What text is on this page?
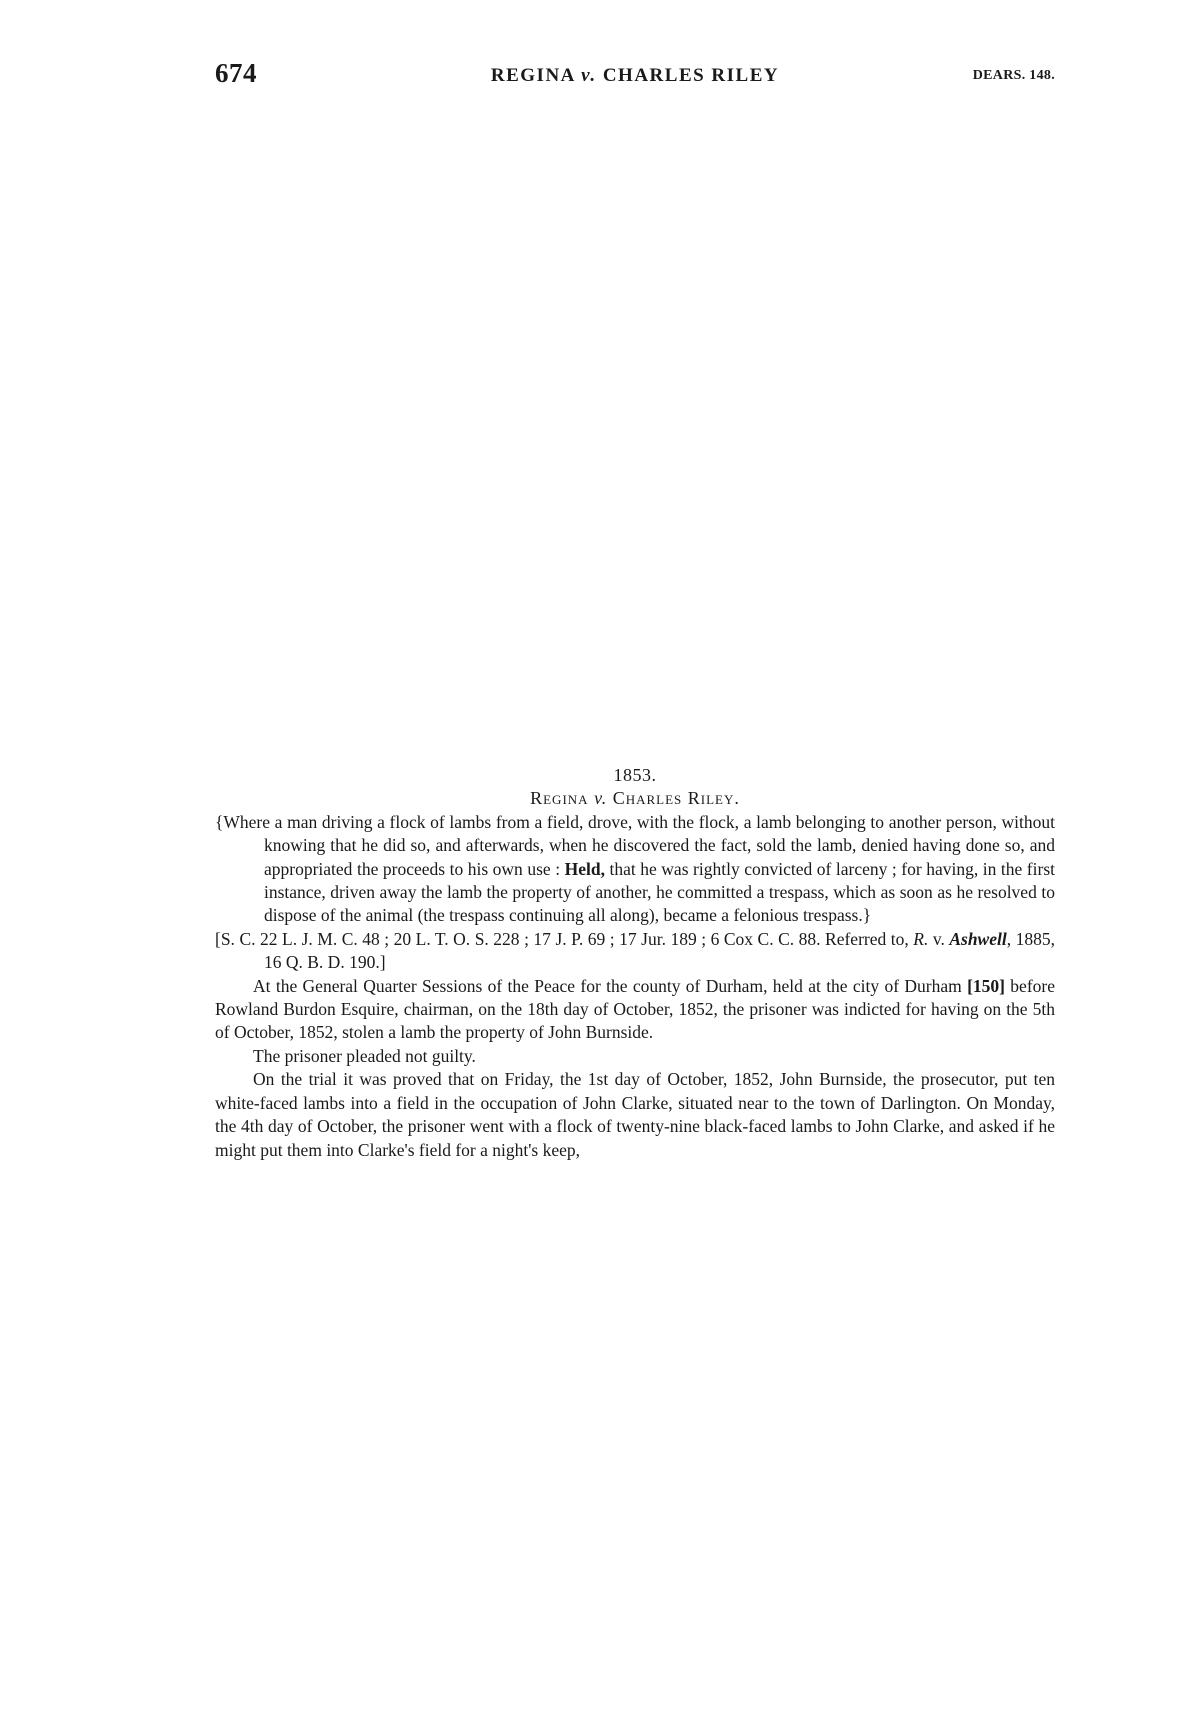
674	REGINA v. CHARLES RILEY	DEARS. 148.

1853.

Regina v. Charles Riley.

{Where a man driving a flock of lambs from a field, drove, with the flock, a lamb belonging to another person, without knowing that he did so, and afterwards, when he discovered the fact, sold the lamb, denied having done so, and appropriated the proceeds to his own use : Held, that he was rightly convicted of larceny ; for having, in the first instance, driven away the lamb the property of another, he committed a trespass, which as soon as he resolved to dispose of the animal (the trespass continuing all along), became a felonious trespass.}

[S. C. 22 L. J. M. C. 48 ; 20 L. T. O. S. 228 ; 17 J. P. 69 ; 17 Jur. 189 ; 6 Cox C. C. 88. Referred to, R. v. Ashwell, 1885, 16 Q. B. D. 190.]

At the General Quarter Sessions of the Peace for the county of Durham, held at the city of Durham [150] before Rowland Burdon Esquire, chairman, on the 18th day of October, 1852, the prisoner was indicted for having on the 5th of October, 1852, stolen a lamb the property of John Burnside.

The prisoner pleaded not guilty.

On the trial it was proved that on Friday, the 1st day of October, 1852, John Burnside, the prosecutor, put ten white-faced lambs into a field in the occupation of John Clarke, situated near to the town of Darlington. On Monday, the 4th day of October, the prisoner went with a flock of twenty-nine black-faced lambs to John Clarke, and asked if he might put them into Clarke's field for a night's keep,
